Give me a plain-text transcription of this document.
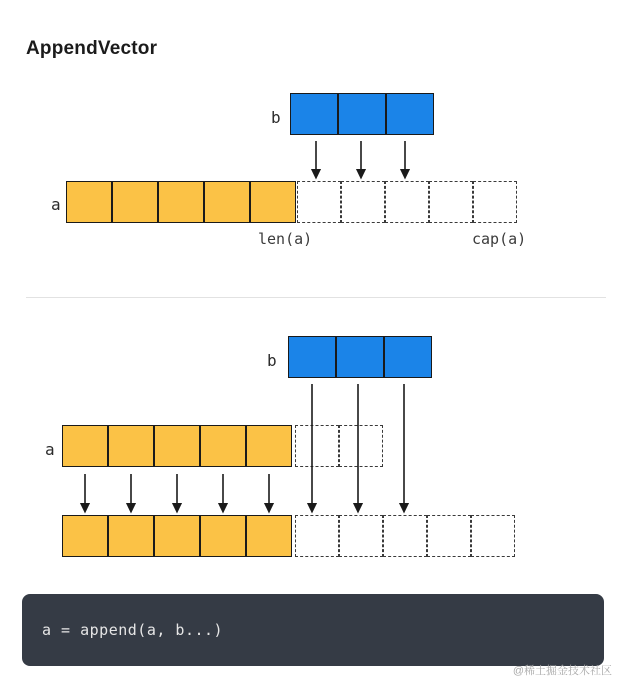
AppendVector
b
a
len(a)	cap(a)
b
a
a = append(a, b...)
@稀土掘金技术社区
